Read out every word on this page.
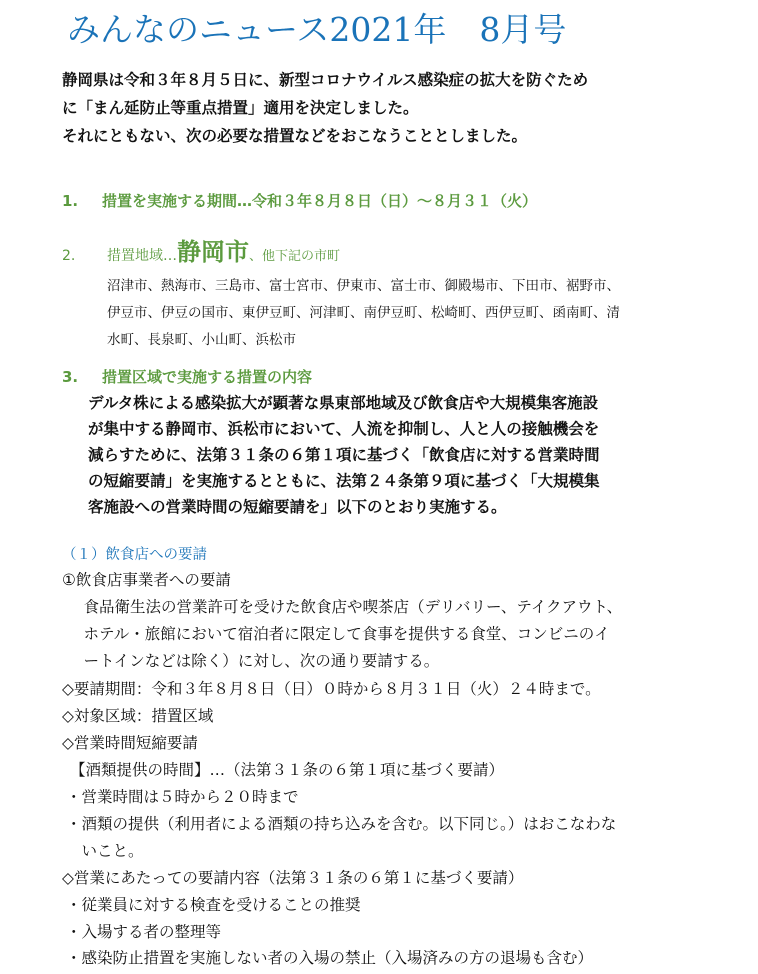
みんなのニュース2021年　8月号
静岡県は令和３年８月５日に、新型コロナウイルス感染症の拡大を防ぐため
に「まん延防止等重点措置」適用を決定しました。
それにともない、次の必要な措置などをおこなうこととしました。
1. 措置を実施する期間…令和３年８月８日（日）～８月３１（火）
2. 措置地域…静岡市、他下記の市町
沼津市、熱海市、三島市、富士宮市、伊東市、富士市、御殿場市、下田市、裾野市、
伊豆市、伊豆の国市、東伊豆町、河津町、南伊豆町、松崎町、西伊豆町、函南町、清
水町、長泉町、小山町、浜松市
3. 措置区域で実施する措置の内容
デルタ株による感染拡大が顕著な県東部地域及び飲食店や大規模集客施設
が集中する静岡市、浜松市において、人流を抑制し、人と人の接触機会を
減らすために、法第３１条の６第１項に基づく「飲食店に対する営業時間
の短縮要請」を実施するとともに、法第２４条第９項に基づく「大規模集
客施設への営業時間の短縮要請を」以下のとおり実施する。
（１）飲食店への要請
①飲食店事業者への要請
　食品衛生法の営業許可を受けた飲食店や喫茶店（デリバリー、テイクアウト、
　ホテル・旅館において宿泊者に限定して食事を提供する食堂、コンビニのイ
　ートインなどは除く）に対し、次の通り要請する。
◇要請期間：令和３年８月８日（日）０時から８月３１日（火）２４時まで。
◇対象区域：措置区域
◇営業時間短縮要請
【酒類提供の時間】…（法第３１条の６第１項に基づく要請）
・営業時間は５時から２０時まで
・酒類の提供（利用者による酒類の持ち込みを含む。以下同じ。）はおこなわな
　いこと。
◇営業にあたっての要請内容（法第３１条の６第１に基づく要請）
・従業員に対する検査を受けることの推奨
・入場する者の整理等
・感染防止措置を実施しない者の入場の禁止（入場済みの方の退場も含む）
